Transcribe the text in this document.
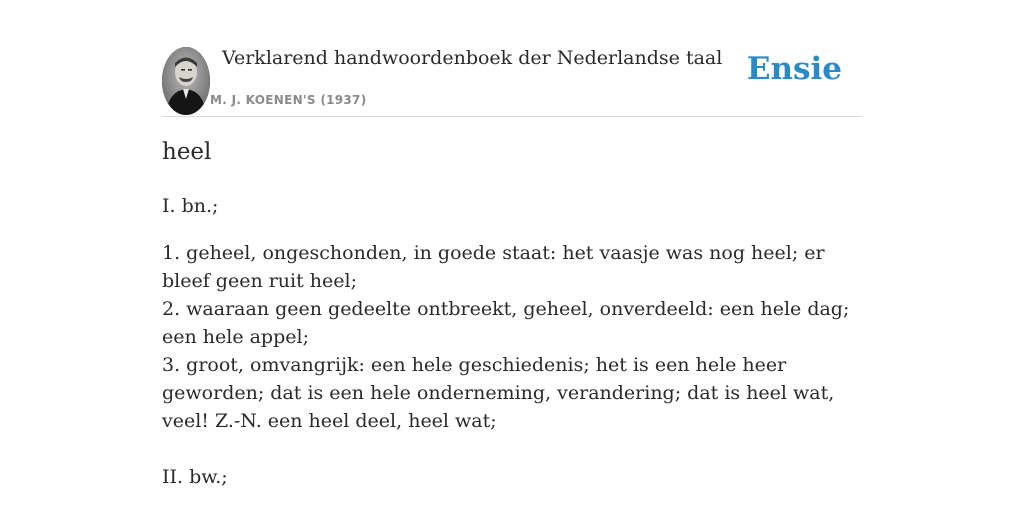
Verklarend handwoordenboek der Nederlandse taal
M. J. KOENEN'S (1937)
Ensie
heel

I. bn.;

1. geheel, ongeschonden, in goede staat: het vaasje was nog heel; er bleef geen ruit heel;

2. waaraan geen gedeelte ontbreekt, geheel, onverdeeld: een hele dag; een hele appel;

3. groot, omvangrijk: een hele geschiedenis; het is een hele heer geworden; dat is een hele onderneming, verandering; dat is heel wat, veel! Z.-N. een heel deel, heel wat;

II. bw.;
